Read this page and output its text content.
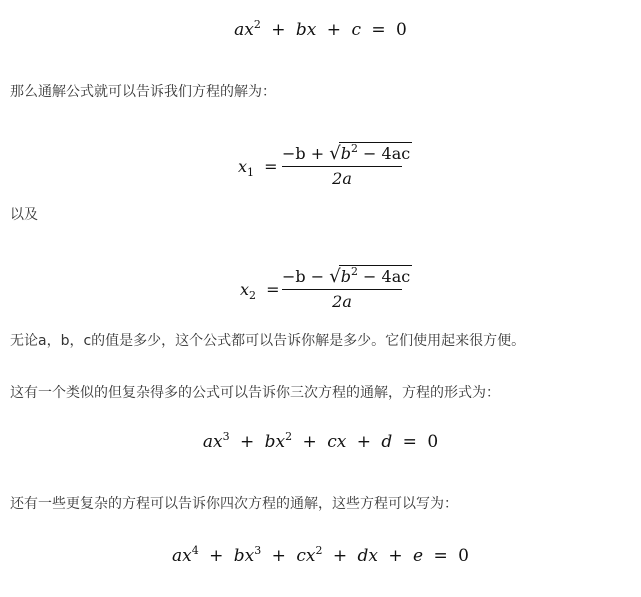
$ax^2$ + bx + c = 0
那么通解公式就可以告诉我们方程的解为：
$x_1$ =
$-b + √b^2 - 4ac$
2a
以及
$x_2$ =
$-b - √b^2 - 4ac$
2a
无论a，b，c的值是多少，这个公式都可以告诉你解是多少。它们使用起来很方便。
这有一个类似的但复杂得多的公式可以告诉你三次方程的通解，方程的形式为：
$ax^3 + bx^2$ + cx + d = 0
还有一些更复杂的方程可以告诉你四次方程的通解，这些方程可以写为：
$ax^4 + bx^3 + cx^2$ + dx + e = 0
